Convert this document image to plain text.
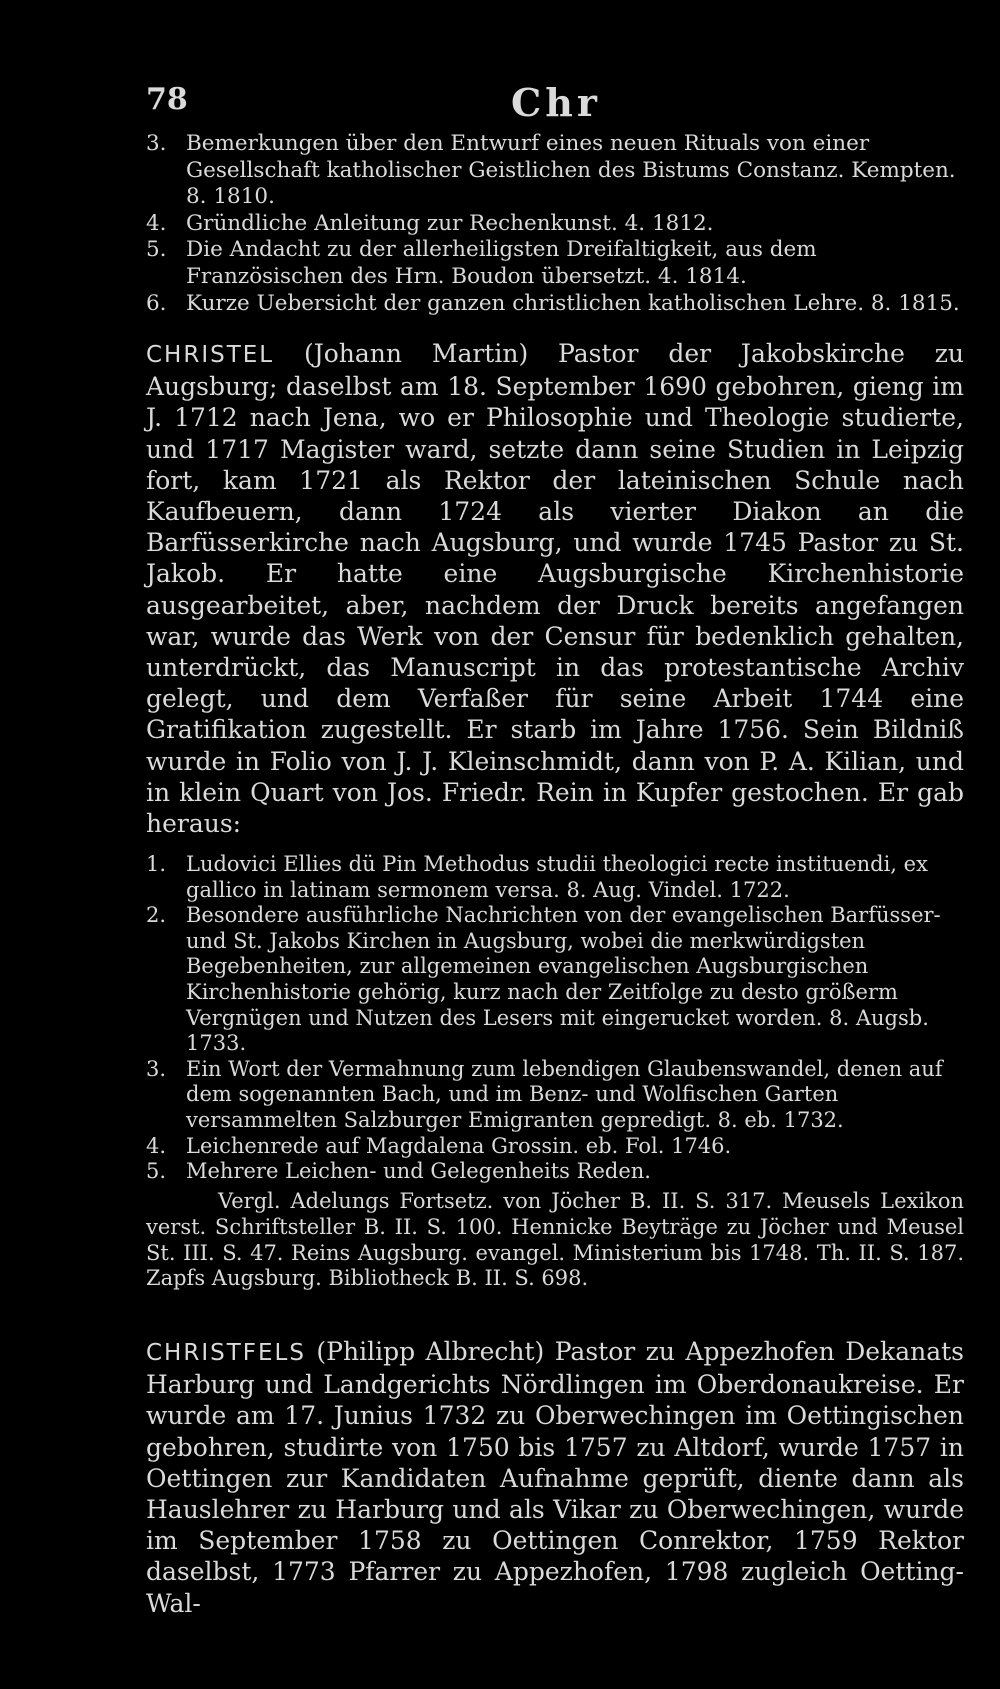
78	Chr
3. Bemerkungen über den Entwurf eines neuen Rituals von einer Gesellschaft katholischer Geistlichen des Bistums Constanz. Kempten. 8. 1810.
4. Gründliche Anleitung zur Rechenkunst. 4. 1812.
5. Die Andacht zu der allerheiligsten Dreifaltigkeit, aus dem Französischen des Hrn. Boudon übersetzt. 4. 1814.
6. Kurze Uebersicht der ganzen christlichen katholischen Lehre. 8. 1815.

CHRISTEL (Johann Martin) Pastor der Jakobskirche zu Augsburg; daselbst am 18. September 1690 gebohren, gieng im J. 1712 nach Jena, wo er Philosophie und Theologie studierte, und 1717 Magister ward, setzte dann seine Studien in Leipzig fort, kam 1721 als Rektor der lateinischen Schule nach Kaufbeuern, dann 1724 als vierter Diakon an die Barfüsserkirche nach Augsburg, und wurde 1745 Pastor zu St. Jakob. Er hatte eine Augsburgische Kirchenhistorie ausgearbeitet, aber, nachdem der Druck bereits angefangen war, wurde das Werk von der Censur für bedenklich gehalten, unterdrückt, das Manuscript in das protestantische Archiv gelegt, und dem Verfaßer für seine Arbeit 1744 eine Gratifikation zugestellt. Er starb im Jahre 1756. Sein Bildniß wurde in Folio von J. J. Kleinschmidt, dann von P. A. Kilian, und in klein Quart von Jos. Friedr. Rein in Kupfer gestochen. Er gab heraus:

1. Ludovici Ellies dü Pin Methodus studii theologici recte instituendi, ex gallico in latinam sermonem versa. 8. Aug. Vindel. 1722.
2. Besondere ausführliche Nachrichten von der evangelischen Barfüsser- und St. Jakobs Kirchen in Augsburg, wobei die merkwürdigsten Begebenheiten, zur allgemeinen evangelischen Augsburgischen Kirchenhistorie gehörig, kurz nach der Zeitfolge zu desto größerm Vergnügen und Nutzen des Lesers mit eingerucket worden. 8. Augsb. 1733.
3. Ein Wort der Vermahnung zum lebendigen Glaubenswandel, denen auf dem sogenannten Bach, und im Benz- und Wolfischen Garten versammelten Salzburger Emigranten gepredigt. 8. eb. 1732.
4. Leichenrede auf Magdalena Grossin. eb. Fol. 1746.
5. Mehrere Leichen- und Gelegenheits Reden.

Vergl. Adelungs Fortsetz. von Jöcher B. II. S. 317. Meusels Lexikon verst. Schriftsteller B. II. S. 100. Hennicke Beyträge zu Jöcher und Meusel St. III. S. 47. Reins Augsburg. evangel. Ministerium bis 1748. Th. II. S. 187. Zapfs Augsburg. Bibliotheck B. II. S. 698.

CHRISTFELS (Philipp Albrecht) Pastor zu Appezhofen Dekanats Harburg und Landgerichts Nördlingen im Oberdonaukreise. Er wurde am 17. Junius 1732 zu Oberwechingen im Oettingischen gebohren, studirte von 1750 bis 1757 zu Altdorf, wurde 1757 in Oettingen zur Kandidaten Aufnahme geprüft, diente dann als Hauslehrer zu Harburg und als Vikar zu Oberwechingen, wurde im September 1758 zu Oettingen Conrektor, 1759 Rektor daselbst, 1773 Pfarrer zu Appezhofen, 1798 zugleich Oetting-Wal-
